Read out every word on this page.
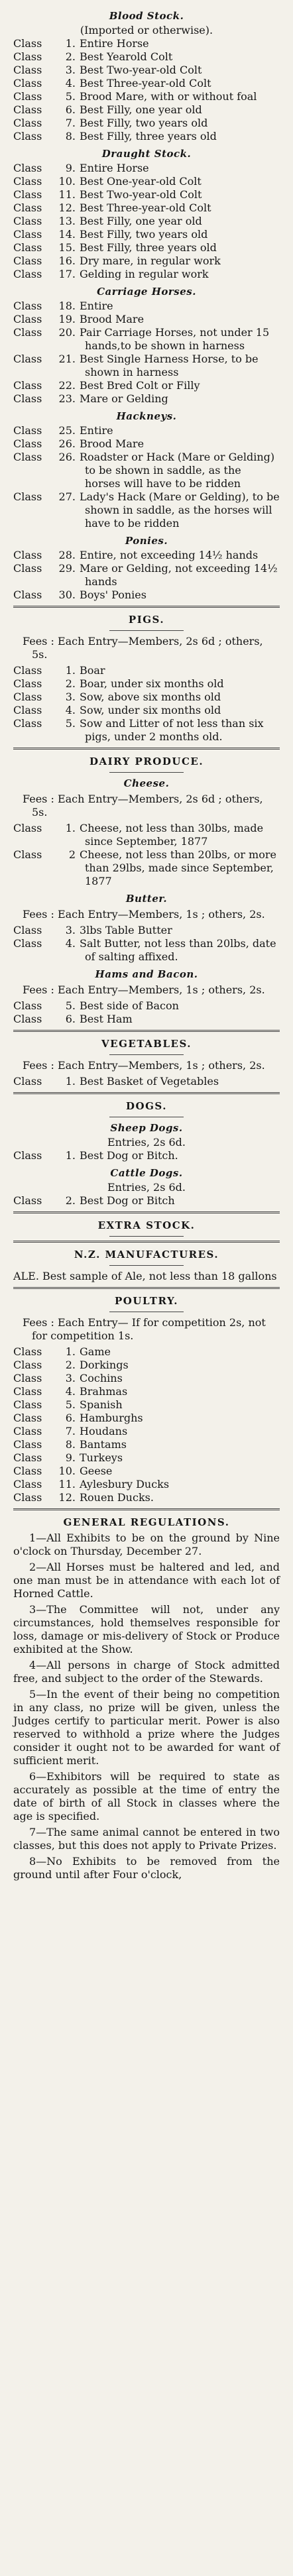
Blood Stock.
(Imported or otherwise).
Class	1. Entire Horse
Class	2. Best Yearold Colt
Class	3. Best Two-year-old Colt
Class	4. Best Three-year-old Colt
Class	5. Brood Mare, with or without foal
Class	6. Best Filly, one year old
Class	7. Best Filly, two years old
Class	8. Best Filly, three years old
Draught Stock.
Class	9. Entire Horse
Class	10. Best One-year-old Colt
Class	11. Best Two-year-old Colt
Class	12. Best Three-year-old Colt
Class	13. Best Filly, one year old
Class	14. Best Filly, two years old
Class	15. Best Filly, three years old
Class	16. Dry mare, in regular work
Class	17. Gelding in regular work
Carriage Horses.
Class	18. Entire
Class	19. Brood Mare
Class	20. Pair Carriage Horses, not under 15 hands,to be shown in harness
Class	21. Best Single Harness Horse, to be shown in harness
Class	22. Best Bred Colt or Filly
Class	23. Mare or Gelding
Hackneys.
Class	25. Entire
Class	26. Brood Mare
Class	26. Roadster or Hack (Mare or Gelding) to be shown in saddle, as the horses will have to be ridden
Class	27. Lady's Hack (Mare or Gelding), to be shown in saddle, as the horses will have to be ridden
Ponies.
Class	28. Entire, not exceeding 14½ hands
Class	29. Mare or Gelding, not exceeding 14½ hands
Class	30. Boys' Ponies
PIGS.
Fees : Each Entry—Members, 2s 6d ; others, 5s.
Class	1. Boar
Class	2. Boar, under six months old
Class	3. Sow, above six months old
Class	4. Sow, under six months old
Class	5. Sow and Litter of not less than six pigs, under 2 months old.
DAIRY PRODUCE.
Cheese.
Fees : Each Entry—Members, 2s 6d ; others, 5s.
Class	1. Cheese, not less than 30lbs, made since September, 1877
Class	2 Cheese, not less than 20lbs, or more than 29lbs, made since September, 1877
Butter.
Fees : Each Entry—Members, 1s ; others, 2s.
Class	3. 3lbs Table Butter
Class	4. Salt Butter, not less than 20lbs, date of salting affixed.
Hams and Bacon.
Fees : Each Entry—Members, 1s ; others, 2s.
Class	5. Best side of Bacon
Class	6. Best Ham
VEGETABLES.
Fees : Each Entry—Members, 1s ; others, 2s.
Class	1. Best Basket of Vegetables
DOGS.
Sheep Dogs.
Entries, 2s 6d.
Class	1. Best Dog or Bitch.
Cattle Dogs.
Entries, 2s 6d.
Class	2. Best Dog or Bitch
EXTRA STOCK.
N.Z. MANUFACTURES.
ALE. Best sample of Ale, not less than 18 gallons
POULTRY.
Fees : Each Entry— If for competition 2s, not for competition 1s.
Class	1. Game
Class	2. Dorkings
Class	3. Cochins
Class	4. Brahmas
Class	5. Spanish
Class	6. Hamburghs
Class	7. Houdans
Class	8. Bantams
Class	9. Turkeys
Class	10. Geese
Class	11. Aylesbury Ducks
Class	12. Rouen Ducks.
GENERAL REGULATIONS.

1—All Exhibits to be on the ground by Nine o'clock on Thursday, December 27.

2—All Horses must be haltered and led, and one man must be in attendance with each lot of Horned Cattle.

3—The Committee will not, under any circumstances, hold themselves responsible for loss, damage or mis-delivery of Stock or Produce exhibited at the Show.

4—All persons in charge of Stock admitted free, and subject to the order of the Stewards.

5—In the event of their being no competition in any class, no prize will be given, unless the Judges certify to particular merit. Power is also reserved to withhold a prize where the Judges consider it ought not to be awarded for want of sufficient merit.

6—Exhibitors will be required to state as accurately as possible at the time of entry the date of birth of all Stock in classes where the age is specified.

7—The same animal cannot be entered in two classes, but this does not apply to Private Prizes.

8—No Exhibits to be removed from the ground until after Four o'clock,
